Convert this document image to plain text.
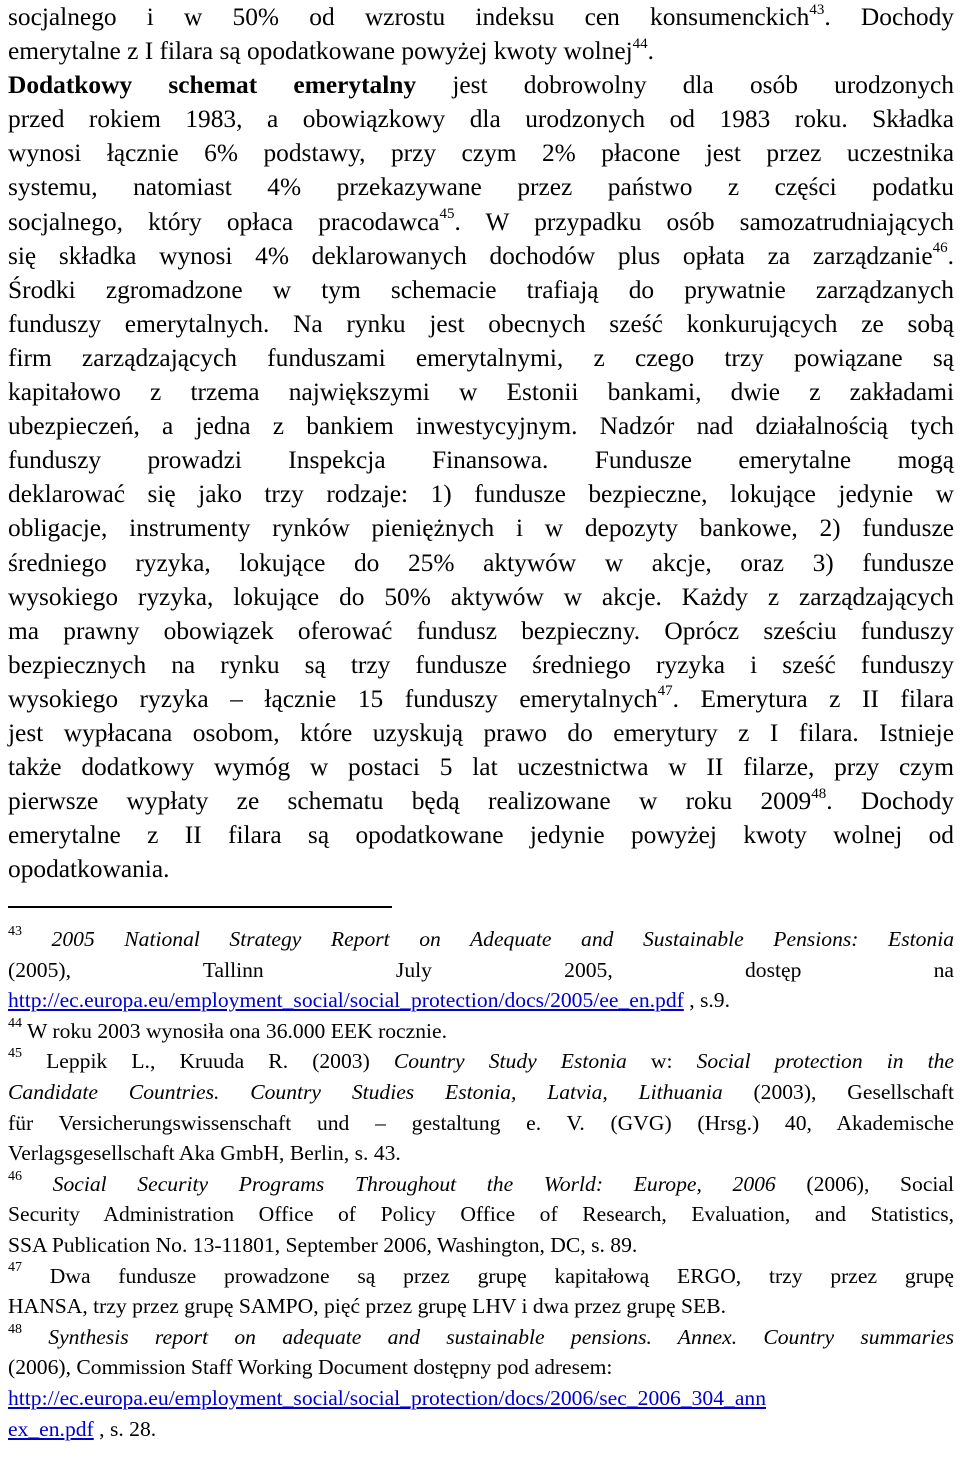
socjalnego i w 50% od wzrostu indeksu cen konsumenckich$^{43}$. Dochody
emerytalne z I filara są opodatkowane powyżej kwoty wolnej$^{44}$.
Dodatkowy schemat emerytalny jest dobrowolny dla osób urodzonych
przed rokiem 1983, a obowiązkowy dla urodzonych od 1983 roku. Składka
wynosi łącznie 6% podstawy, przy czym 2% płacone jest przez uczestnika
systemu, natomiast 4% przekazywane przez państwo z części podatku
socjalnego, który opłaca pracodawca$^{45}$. W przypadku osób samozatrudniających
się składka wynosi 4% deklarowanych dochodów plus opłata za zarządzanie$^{46}$.
Środki zgromadzone w tym schemacie trafiają do prywatnie zarządzanych
funduszy emerytalnych. Na rynku jest obecnych sześć konkurujących ze sobą
firm zarządzających funduszami emerytalnymi, z czego trzy powiązane są
kapitałowo z trzema największymi w Estonii bankami, dwie z zakładami
ubezpieczeń, a jedna z bankiem inwestycyjnym. Nadzór nad działalnością tych
funduszy prowadzi Inspekcja Finansowa. Fundusze emerytalne mogą
deklarować się jako trzy rodzaje: 1) fundusze bezpieczne, lokujące jedynie w
obligacje, instrumenty rynków pieniężnych i w depozyty bankowe, 2) fundusze
średniego ryzyka, lokujące do 25% aktywów w akcje, oraz 3) fundusze
wysokiego ryzyka, lokujące do 50% aktywów w akcje. Każdy z zarządzających
ma prawny obowiązek oferować fundusz bezpieczny. Oprócz sześciu funduszy
bezpiecznych na rynku są trzy fundusze średniego ryzyka i sześć funduszy
wysokiego ryzyka – łącznie 15 funduszy emerytalnych$^{47}$. Emerytura z II filara
jest wypłacana osobom, które uzyskują prawo do emerytury z I filara. Istnieje
także dodatkowy wymóg w postaci 5 lat uczestnictwa w II filarze, przy czym
pierwsze wypłaty ze schematu będą realizowane w roku 2009$^{48}$. Dochody
emerytalne z II filara są opodatkowane jedynie powyżej kwoty wolnej od
opodatkowania.
$^{43}$ 2005 National Strategy Report on Adequate and Sustainable Pensions: Estonia
(2005), Tallinn July 2005, dostęp na
http://ec.europa.eu/employment_social/social_protection/docs/2005/ee_en.pdf , s.9.
$^{44}$ W roku 2003 wynosiła ona 36.000 EEK rocznie.
$^{45}$ Leppik L., Kruuda R. (2003) Country Study Estonia w: Social protection in the
Candidate Countries. Country Studies Estonia, Latvia, Lithuania (2003), Gesellschaft
für Versicherungswissenschaft und – gestaltung e. V. (GVG) (Hrsg.) 40, Akademische
Verlagsgesellschaft Aka GmbH, Berlin, s. 43.
$^{46}$ Social Security Programs Throughout the World: Europe, 2006 (2006), Social
Security Administration Office of Policy Office of Research, Evaluation, and Statistics,
SSA Publication No. 13-11801, September 2006, Washington, DC, s. 89.
$^{47}$ Dwa fundusze prowadzone są przez grupę kapitałową ERGO, trzy przez grupę
HANSA, trzy przez grupę SAMPO, pięć przez grupę LHV i dwa przez grupę SEB.
$^{48}$ Synthesis report on adequate and sustainable pensions. Annex. Country summaries
(2006), Commission Staff Working Document dostępny pod adresem:
http://ec.europa.eu/employment_social/social_protection/docs/2006/sec_2006_304_ann
ex_en.pdf , s. 28.
